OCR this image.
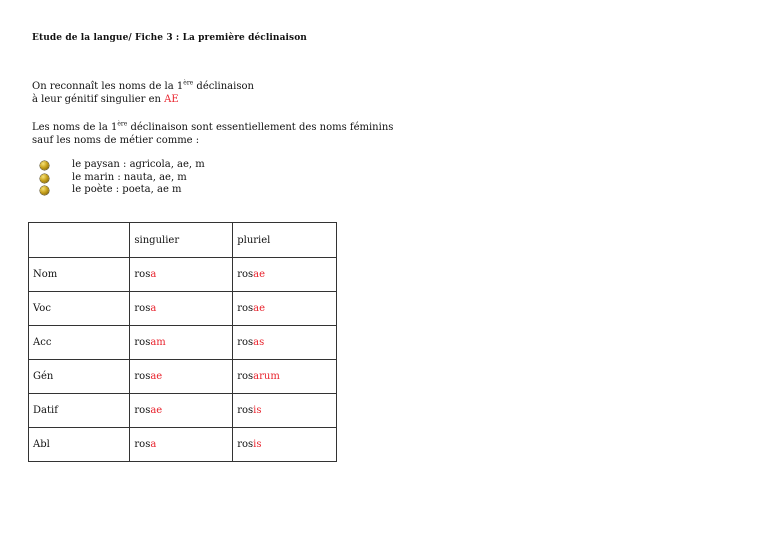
Etude de la langue/ Fiche 3 : La première déclinaison
On reconnaît les noms de la 1ère déclinaison
à leur génitif singulier en AE
Les noms de la 1ère déclinaison sont essentiellement des noms féminins
sauf les noms de métier comme :
le paysan : agricola, ae, m
le marin : nauta, ae, m
le poète : poeta, ae m
	singulier	pluriel
Nom	rosa	rosae
Voc	rosa	rosae
Acc	rosam	rosas
Gén	rosae	rosarum
Datif	rosae	rosis
Abl	rosa	rosis
